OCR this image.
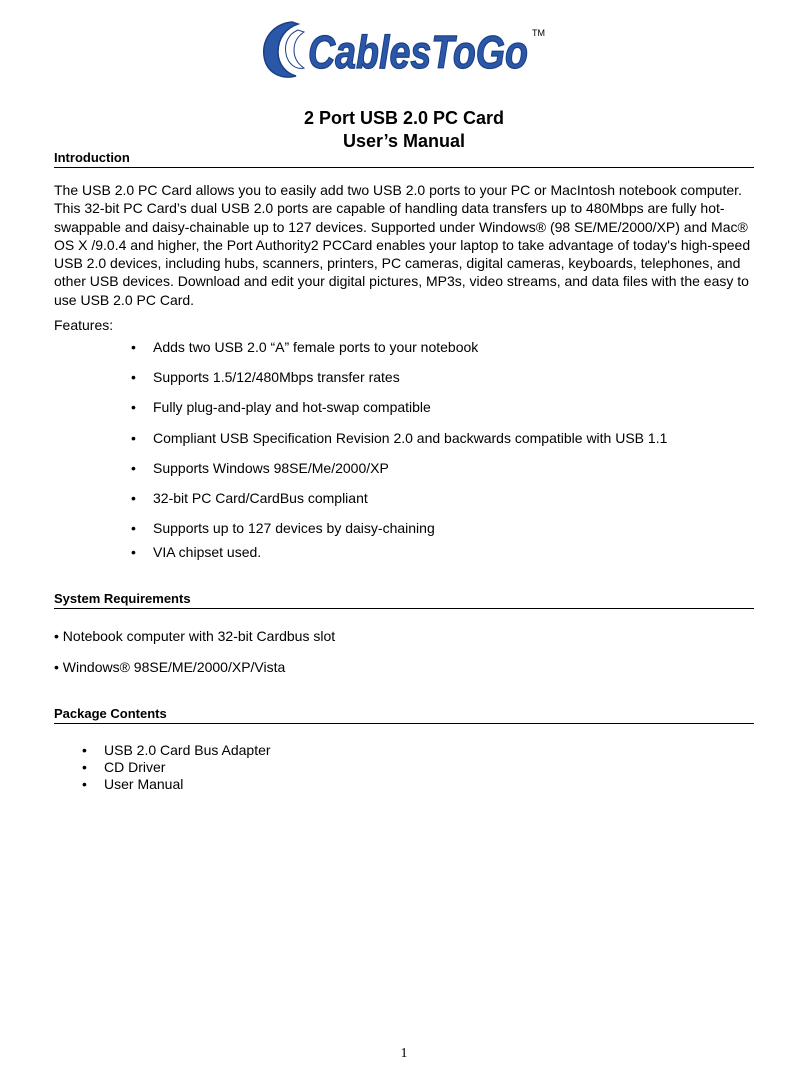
CablesToGo TM
2 Port USB 2.0 PC Card
User’s Manual
Introduction
The USB 2.0 PC Card allows you to easily add two USB 2.0 ports to your PC or MacIntosh notebook computer. This 32-bit PC Card’s dual USB 2.0 ports are capable of handling data transfers up to 480Mbps are fully hot-swappable and daisy-chainable up to 127 devices. Supported under Windows® (98 SE/ME/2000/XP) and Mac® OS X /9.0.4 and higher, the Port Authority2 PCCard enables your laptop to take advantage of today's high-speed USB 2.0 devices, including hubs, scanners, printers, PC cameras, digital cameras, keyboards, telephones, and other USB devices. Download and edit your digital pictures, MP3s, video streams, and data files with the easy to use USB 2.0 PC Card.
Features:
• Adds two USB 2.0 “A” female ports to your notebook
• Supports 1.5/12/480Mbps transfer rates
• Fully plug-and-play and hot-swap compatible
• Compliant USB Specification Revision 2.0 and backwards compatible with USB 1.1
• Supports Windows 98SE/Me/2000/XP
• 32-bit PC Card/CardBus compliant
• Supports up to 127 devices by daisy-chaining
• VIA chipset used.
System Requirements
• Notebook computer with 32-bit Cardbus slot
• Windows® 98SE/ME/2000/XP/Vista
Package Contents
• USB 2.0 Card Bus Adapter
• CD Driver
• User Manual
1
